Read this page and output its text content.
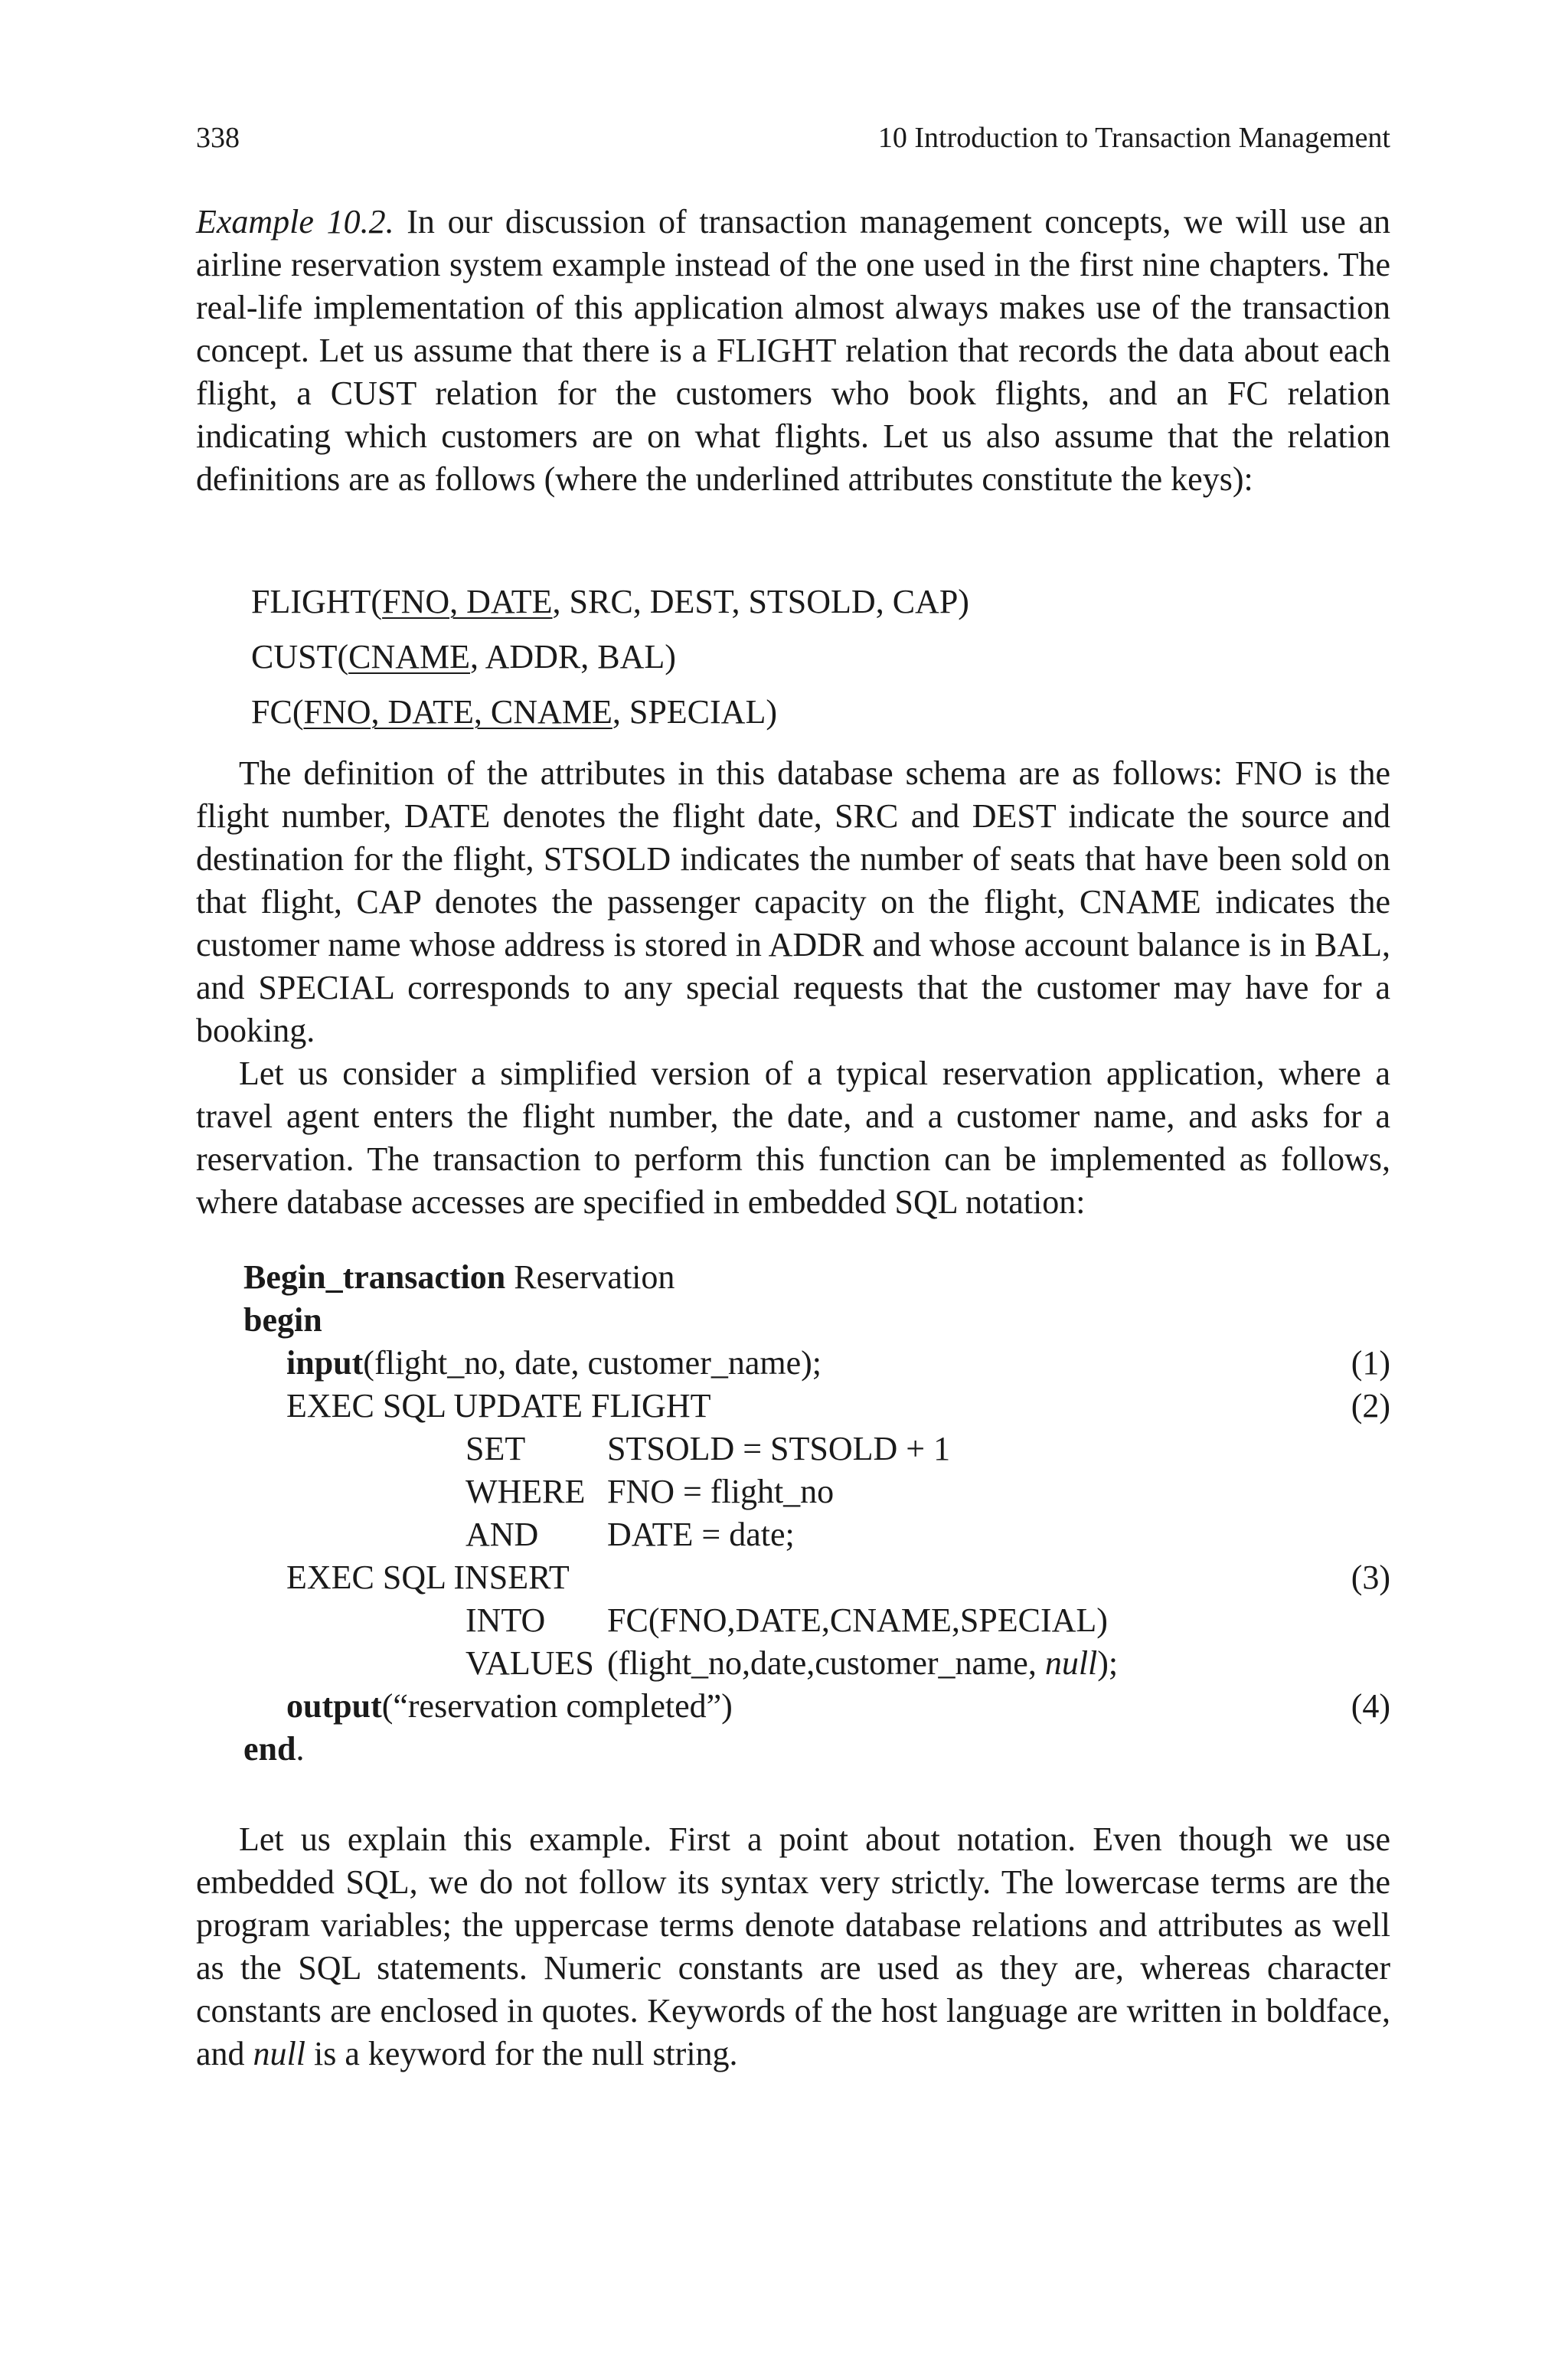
338	10 Introduction to Transaction Management

Example 10.2. In our discussion of transaction management concepts, we will use an airline reservation system example instead of the one used in the first nine chapters. The real-life implementation of this application almost always makes use of the transaction concept. Let us assume that there is a FLIGHT relation that records the data about each flight, a CUST relation for the customers who book flights, and an FC relation indicating which customers are on what flights. Let us also assume that the relation definitions are as follows (where the underlined attributes constitute the keys):

FLIGHT(FNO, DATE, SRC, DEST, STSOLD, CAP)
CUST(CNAME, ADDR, BAL)
FC(FNO, DATE, CNAME, SPECIAL)

The definition of the attributes in this database schema are as follows: FNO is the flight number, DATE denotes the flight date, SRC and DEST indicate the source and destination for the flight, STSOLD indicates the number of seats that have been sold on that flight, CAP denotes the passenger capacity on the flight, CNAME indicates the customer name whose address is stored in ADDR and whose account balance is in BAL, and SPECIAL corresponds to any special requests that the customer may have for a booking.

Let us consider a simplified version of a typical reservation application, where a travel agent enters the flight number, the date, and a customer name, and asks for a reservation. The transaction to perform this function can be implemented as follows, where database accesses are specified in embedded SQL notation:

Begin_transaction Reservation
begin
input(flight_no, date, customer_name);	(1)
EXEC SQL UPDATE FLIGHT	(2)
SET STSOLD = STSOLD + 1
WHERE FNO = flight_no
AND DATE = date;
EXEC SQL INSERT	(3)
INTO FC(FNO,DATE,CNAME,SPECIAL)
VALUES (flight_no,date,customer_name, null);
output(“reservation completed”)	(4)
end.

Let us explain this example. First a point about notation. Even though we use embedded SQL, we do not follow its syntax very strictly. The lowercase terms are the program variables; the uppercase terms denote database relations and attributes as well as the SQL statements. Numeric constants are used as they are, whereas character constants are enclosed in quotes. Keywords of the host language are written in boldface, and null is a keyword for the null string.
